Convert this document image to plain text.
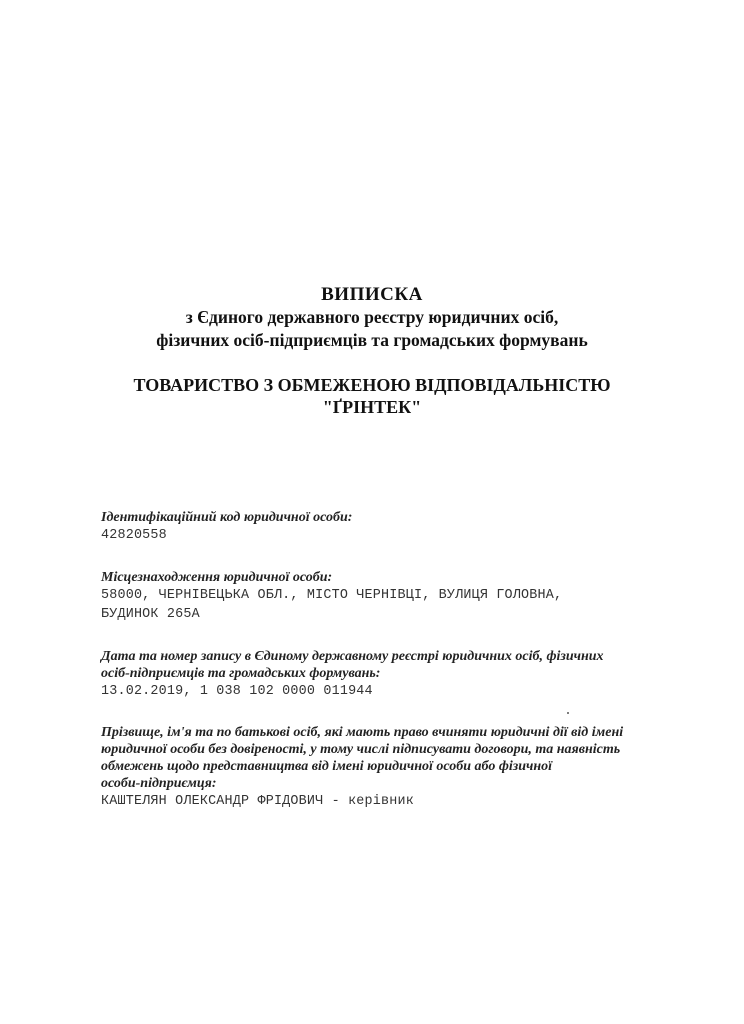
ВИПИСКА
з Єдиного державного реєстру юридичних осіб,
фізичних осіб-підприємців та громадських формувань
ТОВАРИСТВО З ОБМЕЖЕНОЮ ВІДПОВІДАЛЬНІСТЮ
"ҐРІНТЕК"
Ідентифікаційний код юридичної особи:
42820558
Місцезнаходження юридичної особи:
58000, ЧЕРНІВЕЦЬКА ОБЛ., МІСТО ЧЕРНІВЦІ, ВУЛИЦЯ ГОЛОВНА,
БУДИНОК 265А
Дата та номер запису в Єдиному державному реєстрі юридичних осіб, фізичних
осіб-підприємців та громадських формувань:
13.02.2019, 1 038 102 0000 011944
Прізвище, ім'я та по батькові осіб, які мають право вчиняти юридичні дії від імені
юридичної особи без довіреності, у тому числі підписувати договори, та наявність
обмежень щодо представництва від імені юридичної особи або фізичної
особи-підприємця:
КАШТЕЛЯН ОЛЕКСАНДР ФРІДОВИЧ - керівник
